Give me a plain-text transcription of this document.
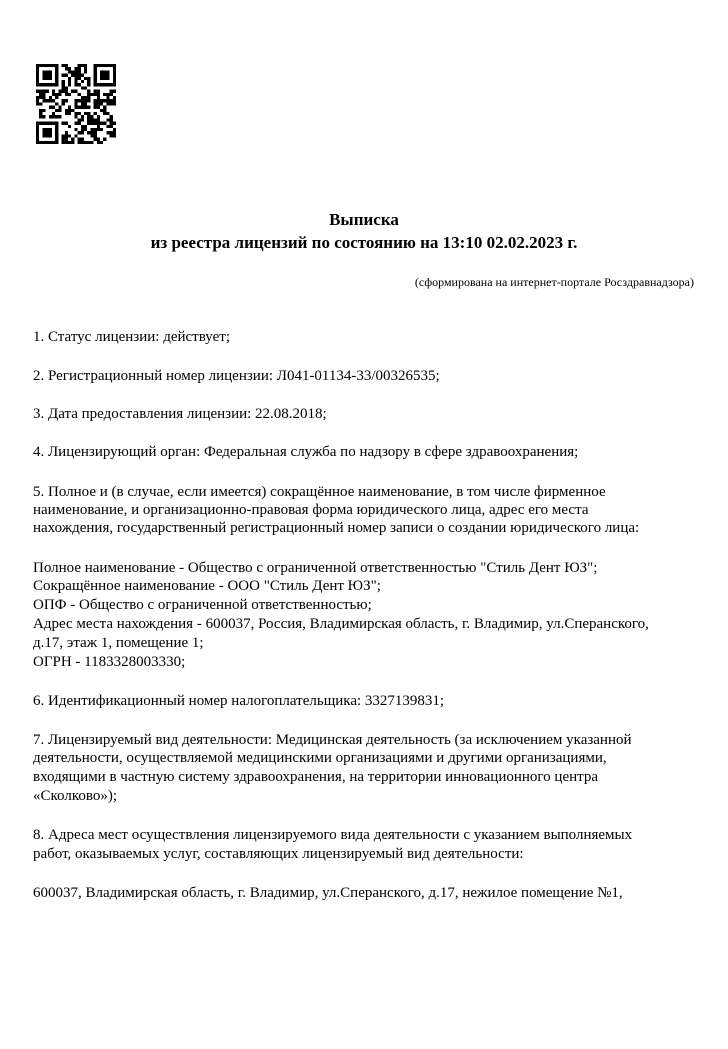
Выписка
из реестра лицензий по состоянию на 13:10 02.02.2023 г.
(сформирована на интернет-портале Росздравнадзора)
1. Статус лицензии: действует;
2. Регистрационный номер лицензии: Л041-01134-33/00326535;
3. Дата предоставления лицензии: 22.08.2018;
4. Лицензирующий орган: Федеральная служба по надзору в сфере здравоохранения;
5. Полное и (в случае, если имеется) сокращённое наименование, в том числе фирменное
наименование, и организационно-правовая форма юридического лица, адрес его места
нахождения, государственный регистрационный номер записи о создании юридического лица:
Полное наименование - Общество с ограниченной ответственностью "Стиль Дент ЮЗ";
Сокращённое наименование - ООО "Стиль Дент ЮЗ";
ОПФ - Общество с ограниченной ответственностью;
Адрес места нахождения - 600037, Россия, Владимирская область, г. Владимир, ул.Сперанского,
д.17, этаж 1, помещение 1;
ОГРН - 1183328003330;
6. Идентификационный номер налогоплательщика: 3327139831;
7. Лицензируемый вид деятельности: Медицинская деятельность (за исключением указанной
деятельности, осуществляемой медицинскими организациями и другими организациями,
входящими в частную систему здравоохранения, на территории инновационного центра
«Сколково»);
8. Адреса мест осуществления лицензируемого вида деятельности с указанием выполняемых
работ, оказываемых услуг, составляющих лицензируемый вид деятельности:
600037, Владимирская область, г. Владимир, ул.Сперанского, д.17, нежилое помещение №1,
